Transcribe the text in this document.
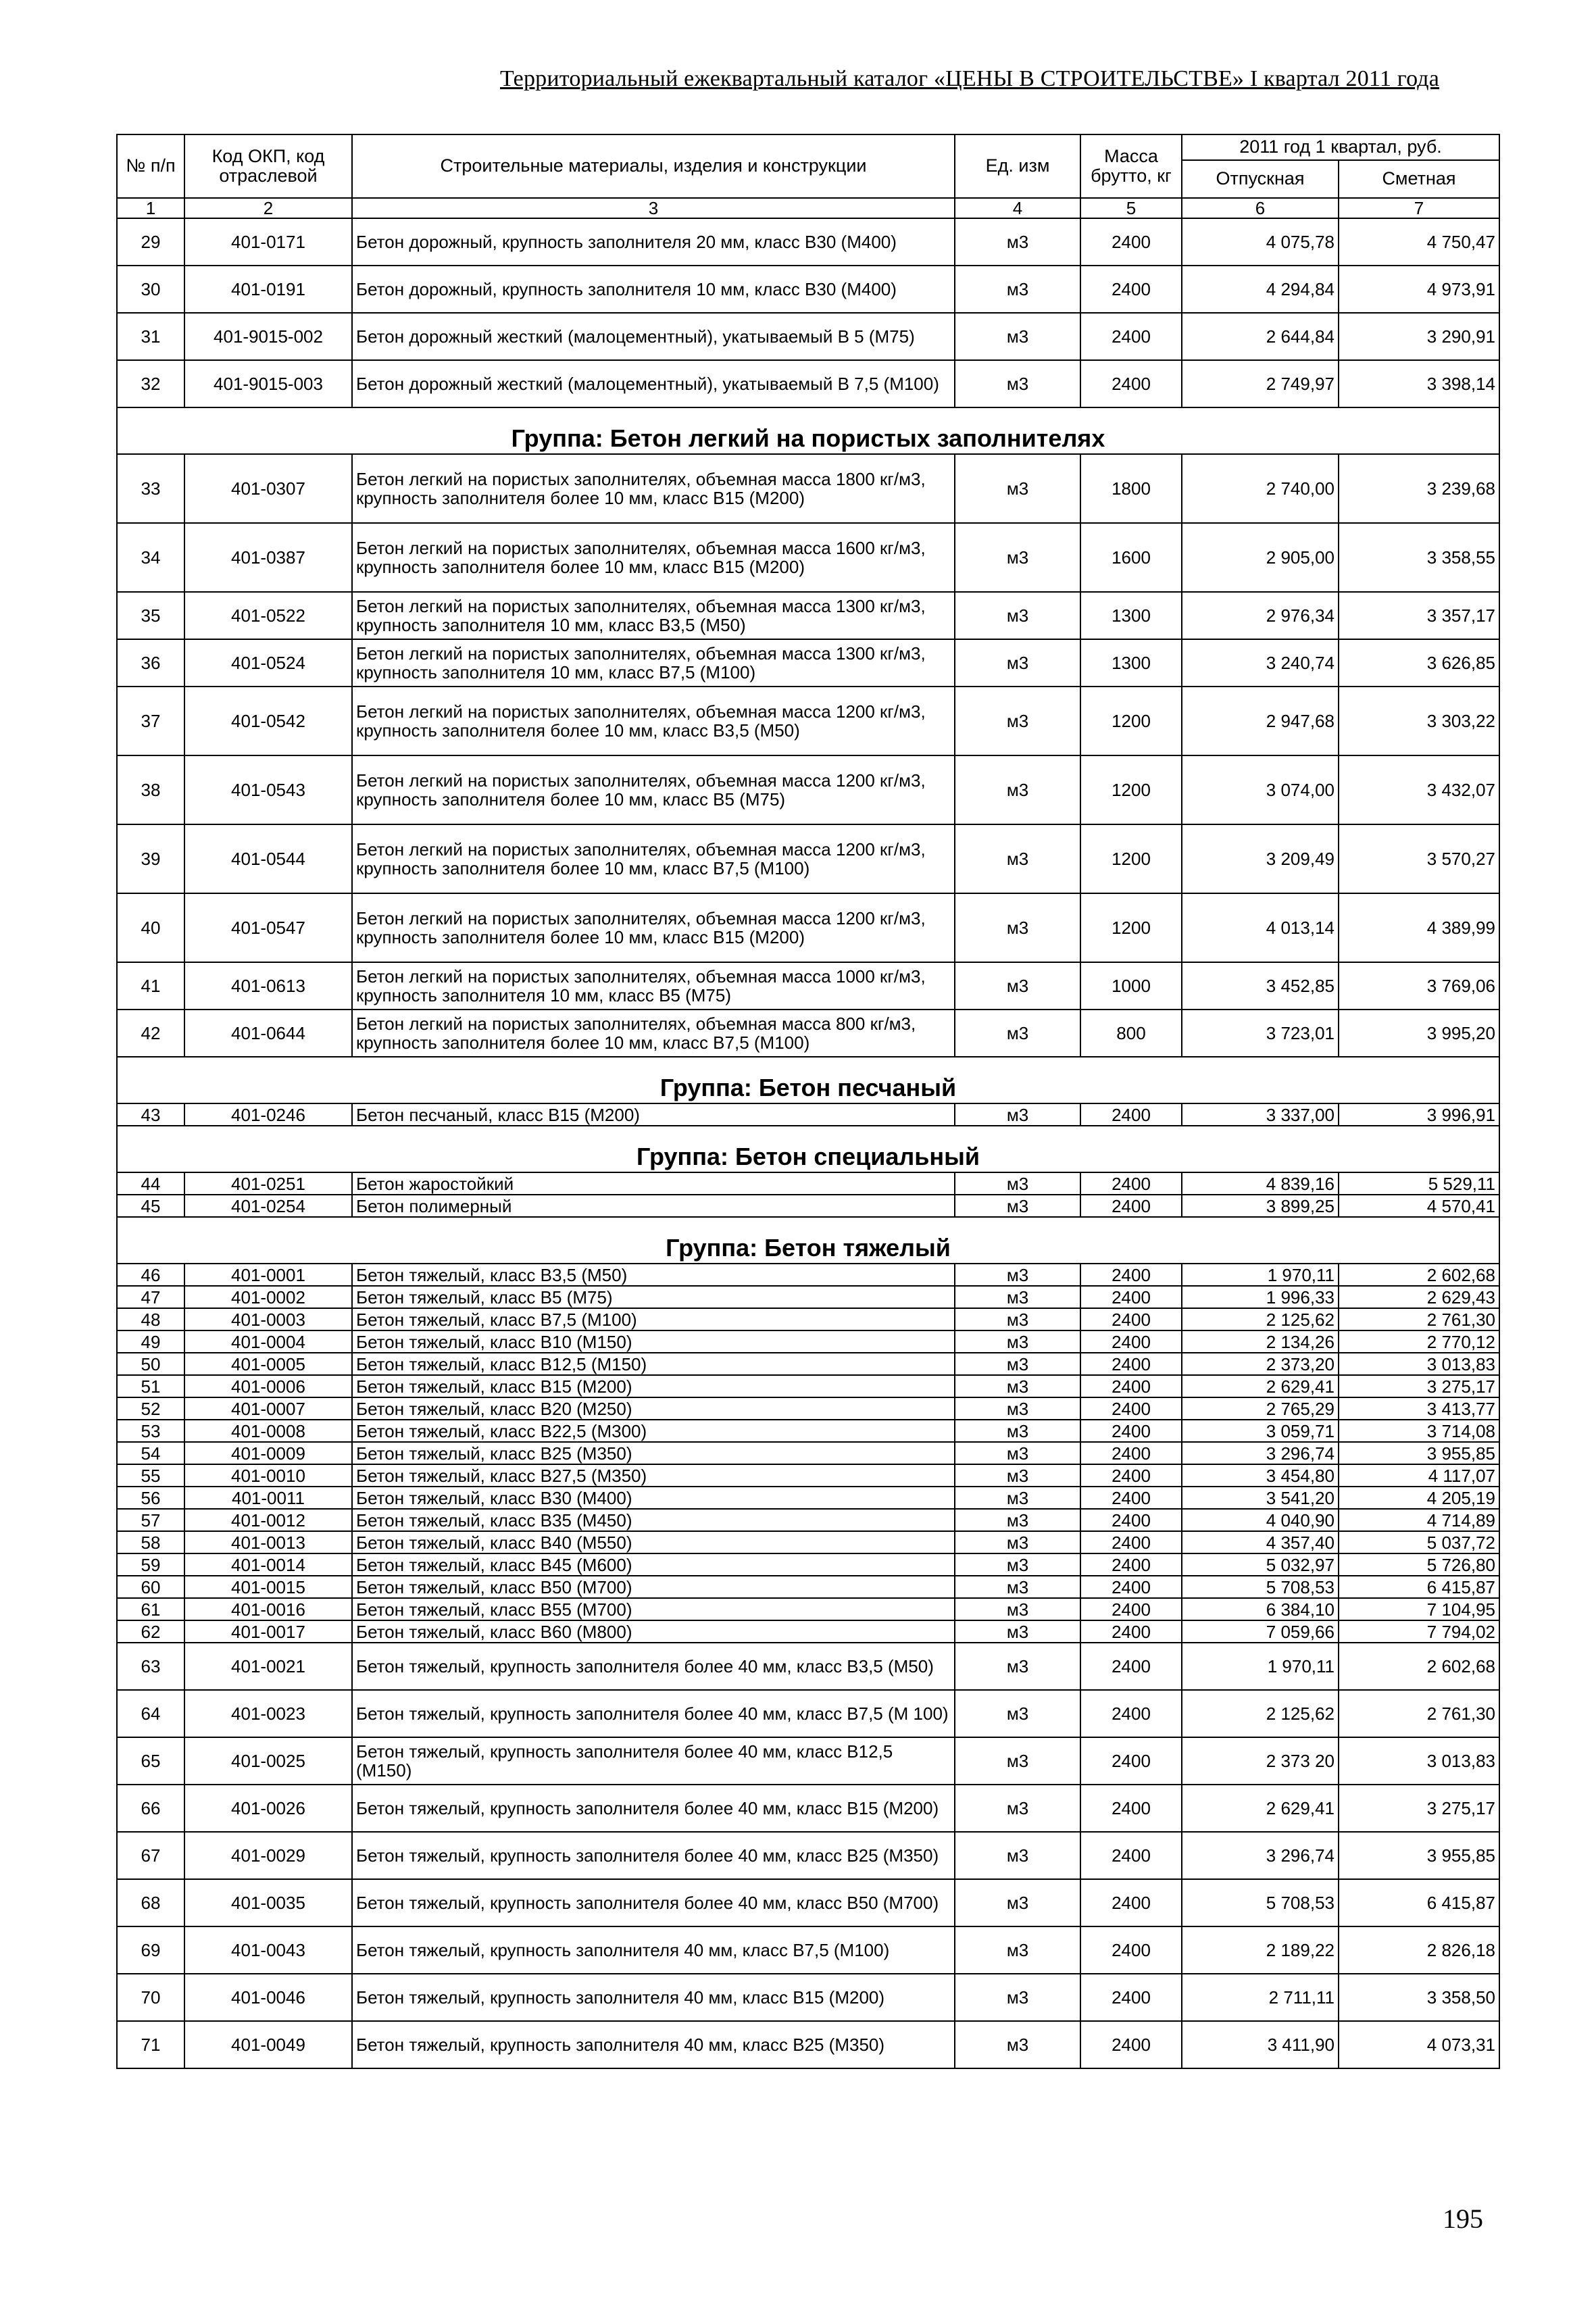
Территориальный ежеквартальный каталог «ЦЕНЫ В СТРОИТЕЛЬСТВЕ» I квартал 2011 года
№ п/п	Код ОКП, код отраслевой	Строительные материалы, изделия и конструкции	Ед. изм	Масса брутто, кг	2011 год 1 квартал, руб.	
					Отпускная	Сметная
1	2	3	4	5	6	7
29	401-0171	Бетон дорожный, крупность заполнителя 20 мм, класс В30 (М400)	м3	2400	4 075,78	4 750,47
30	401-0191	Бетон дорожный, крупность заполнителя 10 мм, класс В30 (М400)	м3	2400	4 294,84	4 973,91
31	401-9015-002	Бетон дорожный жесткий (малоцементный), укатываемый В 5 (М75)	м3	2400	2 644,84	3 290,91
32	401-9015-003	Бетон дорожный жесткий (малоцементный), укатываемый В 7,5 (М100)	м3	2400	2 749,97	3 398,14
Группа: Бетон легкий на пористых заполнителях						
33	401-0307	Бетон легкий на пористых заполнителях, объемная масса 1800 кг/м3, крупность заполнителя более 10 мм, класс В15 (М200)	м3	1800	2 740,00	3 239,68
34	401-0387	Бетон легкий на пористых заполнителях, объемная масса 1600 кг/м3, крупность заполнителя более 10 мм, класс В15 (М200)	м3	1600	2 905,00	3 358,55
35	401-0522	Бетон легкий на пористых заполнителях, объемная масса 1300 кг/м3, крупность заполнителя 10 мм, класс В3,5 (М50)	м3	1300	2 976,34	3 357,17
36	401-0524	Бетон легкий на пористых заполнителях, объемная масса 1300 кг/м3, крупность заполнителя 10 мм, класс В7,5 (М100)	м3	1300	3 240,74	3 626,85
37	401-0542	Бетон легкий на пористых заполнителях, объемная масса 1200 кг/м3, крупность заполнителя более 10 мм, класс В3,5 (М50)	м3	1200	2 947,68	3 303,22
38	401-0543	Бетон легкий на пористых заполнителях, объемная масса 1200 кг/м3, крупность заполнителя более 10 мм, класс В5 (М75)	м3	1200	3 074,00	3 432,07
39	401-0544	Бетон легкий на пористых заполнителях, объемная масса 1200 кг/м3, крупность заполнителя более 10 мм, класс В7,5 (М100)	м3	1200	3 209,49	3 570,27
40	401-0547	Бетон легкий на пористых заполнителях, объемная масса 1200 кг/м3, крупность заполнителя более 10 мм, класс В15 (М200)	м3	1200	4 013,14	4 389,99
41	401-0613	Бетон легкий на пористых заполнителях, объемная масса 1000 кг/м3, крупность заполнителя 10 мм, класс В5 (М75)	м3	1000	3 452,85	3 769,06
42	401-0644	Бетон легкий на пористых заполнителях, объемная масса 800 кг/м3, крупность заполнителя более 10 мм, класс В7,5 (М100)	м3	800	3 723,01	3 995,20
Группа: Бетон песчаный						
43	401-0246	Бетон песчаный, класс В15 (М200)	м3	2400	3 337,00	3 996,91
Группа: Бетон специальный						
44	401-0251	Бетон жаростойкий	м3	2400	4 839,16	5 529,11
45	401-0254	Бетон полимерный	м3	2400	3 899,25	4 570,41
Группа: Бетон тяжелый						
46	401-0001	Бетон тяжелый, класс В3,5 (М50)	м3	2400	1 970,11	2 602,68
47	401-0002	Бетон тяжелый, класс В5 (М75)	м3	2400	1 996,33	2 629,43
48	401-0003	Бетон тяжелый, класс В7,5 (М100)	м3	2400	2 125,62	2 761,30
49	401-0004	Бетон тяжелый, класс В10 (М150)	м3	2400	2 134,26	2 770,12
50	401-0005	Бетон тяжелый, класс В12,5 (М150)	м3	2400	2 373,20	3 013,83
51	401-0006	Бетон тяжелый, класс В15 (М200)	м3	2400	2 629,41	3 275,17
52	401-0007	Бетон тяжелый, класс В20 (М250)	м3	2400	2 765,29	3 413,77
53	401-0008	Бетон тяжелый, класс В22,5 (М300)	м3	2400	3 059,71	3 714,08
54	401-0009	Бетон тяжелый, класс В25 (М350)	м3	2400	3 296,74	3 955,85
55	401-0010	Бетон тяжелый, класс В27,5 (М350)	м3	2400	3 454,80	4 117,07
56	401-0011	Бетон тяжелый, класс В30 (М400)	м3	2400	3 541,20	4 205,19
57	401-0012	Бетон тяжелый, класс В35 (М450)	м3	2400	4 040,90	4 714,89
58	401-0013	Бетон тяжелый, класс В40 (М550)	м3	2400	4 357,40	5 037,72
59	401-0014	Бетон тяжелый, класс В45 (М600)	м3	2400	5 032,97	5 726,80
60	401-0015	Бетон тяжелый, класс В50 (М700)	м3	2400	5 708,53	6 415,87
61	401-0016	Бетон тяжелый, класс В55 (М700)	м3	2400	6 384,10	7 104,95
62	401-0017	Бетон тяжелый, класс В60 (М800)	м3	2400	7 059,66	7 794,02
63	401-0021	Бетон тяжелый, крупность заполнителя более 40 мм, класс В3,5 (М50)	м3	2400	1 970,11	2 602,68
64	401-0023	Бетон тяжелый, крупность заполнителя более 40 мм, класс В7,5 (М 100)	м3	2400	2 125,62	2 761,30
65	401-0025	Бетон тяжелый, крупность заполнителя более 40 мм, класс В12,5 (М150)	м3	2400	2 373 20	3 013,83
66	401-0026	Бетон тяжелый, крупность заполнителя более 40 мм, класс В15 (М200)	м3	2400	2 629,41	3 275,17
67	401-0029	Бетон тяжелый, крупность заполнителя более 40 мм, класс В25 (М350)	м3	2400	3 296,74	3 955,85
68	401-0035	Бетон тяжелый, крупность заполнителя более 40 мм, класс В50 (М700)	м3	2400	5 708,53	6 415,87
69	401-0043	Бетон тяжелый, крупность заполнителя 40 мм, класс В7,5 (М100)	м3	2400	2 189,22	2 826,18
70	401-0046	Бетон тяжелый, крупность заполнителя 40 мм, класс В15 (М200)	м3	2400	2 711,11	3 358,50
71	401-0049	Бетон тяжелый, крупность заполнителя 40 мм, класс В25 (М350)	м3	2400	3 411,90	4 073,31
195
